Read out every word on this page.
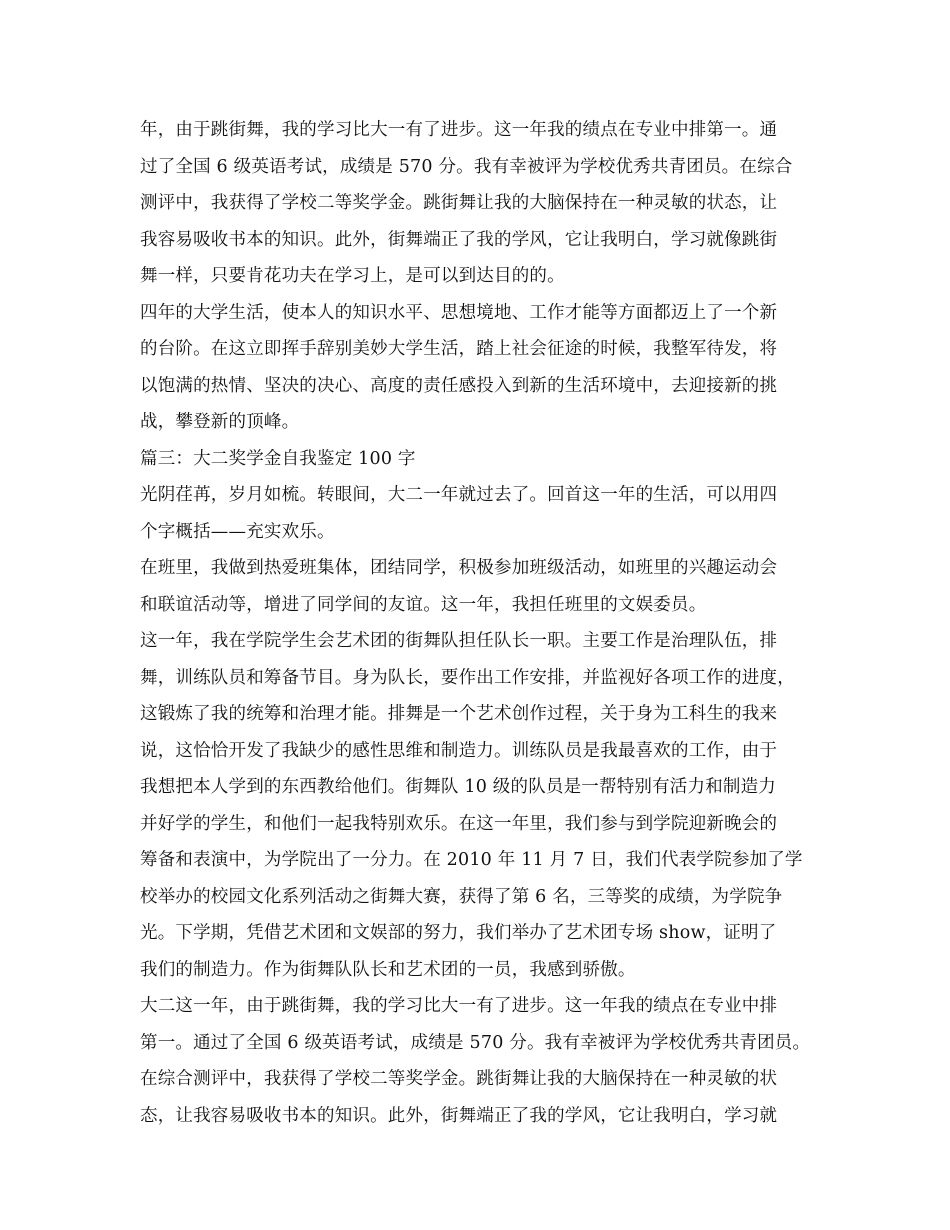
年，由于跳街舞，我的学习比大一有了进步。这一年我的绩点在专业中排第一。通
过了全国 6 级英语考试，成绩是 570 分。我有幸被评为学校优秀共青团员。在综合
测评中，我获得了学校二等奖学金。跳街舞让我的大脑保持在一种灵敏的状态，让
我容易吸收书本的知识。此外，街舞端正了我的学风，它让我明白，学习就像跳街
舞一样，只要肯花功夫在学习上，是可以到达目的的。
四年的大学生活，使本人的知识水平、思想境地、工作才能等方面都迈上了一个新
的台阶。在这立即挥手辞别美妙大学生活，踏上社会征途的时候，我整军待发，将
以饱满的热情、坚决的决心、高度的责任感投入到新的生活环境中，去迎接新的挑
战，攀登新的顶峰。
篇三：大二奖学金自我鉴定 100 字
光阴荏苒，岁月如梳。转眼间，大二一年就过去了。回首这一年的生活，可以用四
个字概括——充实欢乐。
在班里，我做到热爱班集体，团结同学，积极参加班级活动，如班里的兴趣运动会
和联谊活动等，增进了同学间的友谊。这一年，我担任班里的文娱委员。
这一年，我在学院学生会艺术团的街舞队担任队长一职。主要工作是治理队伍，排
舞，训练队员和筹备节目。身为队长，要作出工作安排，并监视好各项工作的进度，
这锻炼了我的统筹和治理才能。排舞是一个艺术创作过程，关于身为工科生的我来
说，这恰恰开发了我缺少的感性思维和制造力。训练队员是我最喜欢的工作，由于
我想把本人学到的东西教给他们。街舞队 10 级的队员是一帮特别有活力和制造力
并好学的学生，和他们一起我特别欢乐。在这一年里，我们参与到学院迎新晚会的
筹备和表演中，为学院出了一分力。在 2010 年 11 月 7 日，我们代表学院参加了学
校举办的校园文化系列活动之街舞大赛，获得了第 6 名，三等奖的成绩，为学院争
光。下学期，凭借艺术团和文娱部的努力，我们举办了艺术团专场 show，证明了
我们的制造力。作为街舞队队长和艺术团的一员，我感到骄傲。
大二这一年，由于跳街舞，我的学习比大一有了进步。这一年我的绩点在专业中排
第一。通过了全国 6 级英语考试，成绩是 570 分。我有幸被评为学校优秀共青团员。
在综合测评中，我获得了学校二等奖学金。跳街舞让我的大脑保持在一种灵敏的状
态，让我容易吸收书本的知识。此外，街舞端正了我的学风，它让我明白，学习就
